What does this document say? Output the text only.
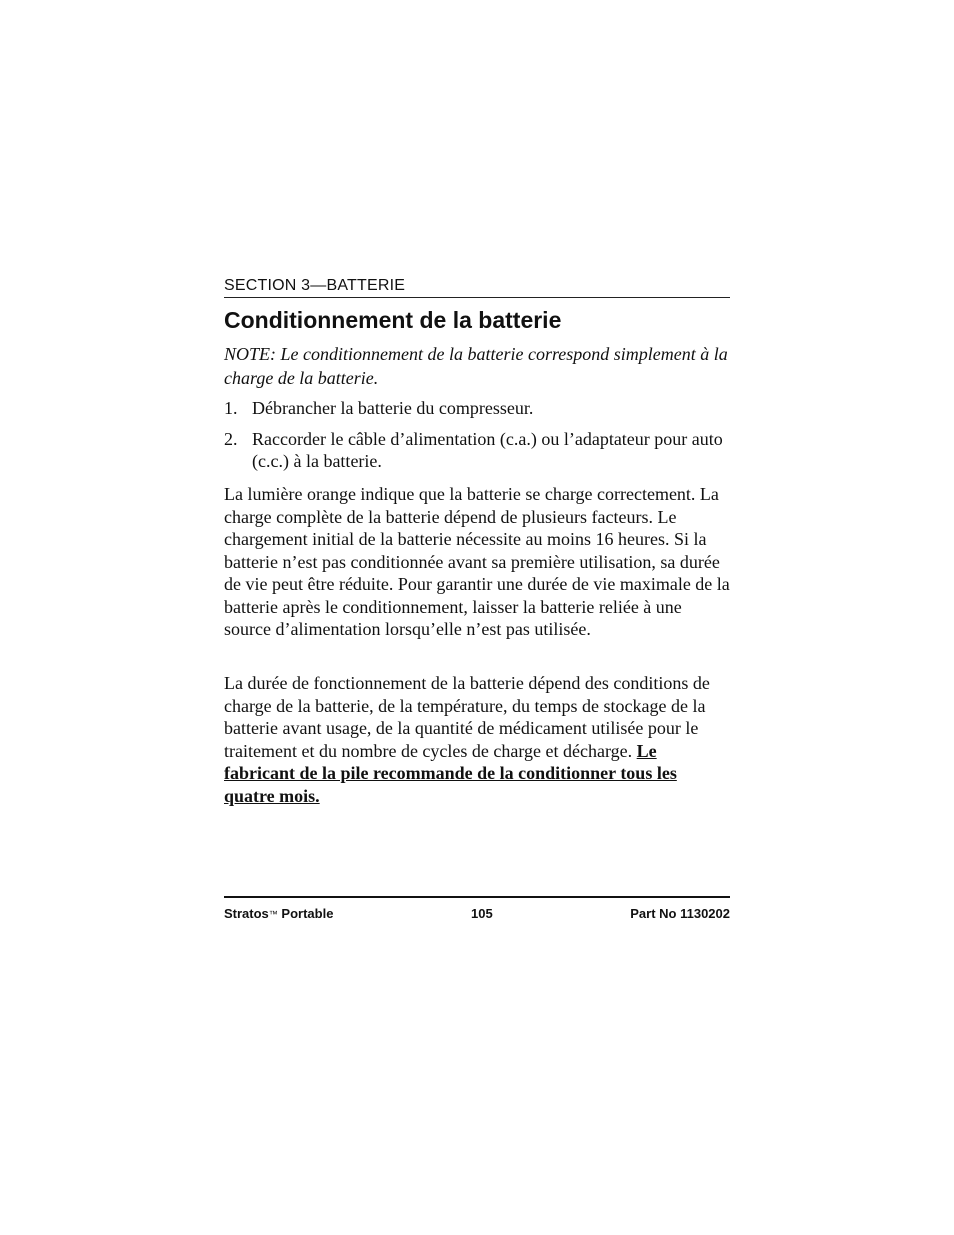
SECTION 3—BATTERIE
Conditionnement de la batterie

NOTE: Le conditionnement de la batterie correspond simplement à la charge de la batterie.

1. Débrancher la batterie du compresseur.
2. Raccorder le câble d’alimentation (c.a.) ou l’adaptateur pour auto (c.c.) à la batterie.

La lumière orange indique que la batterie se charge correctement. La charge complète de la batterie dépend de plusieurs facteurs. Le chargement initial de la batterie nécessite au moins 16 heures. Si la batterie n’est pas conditionnée avant sa première utilisation, sa durée de vie peut être réduite. Pour garantir une durée de vie maximale de la batterie après le conditionnement, laisser la batterie reliée à une source d’alimentation lorsqu’elle n’est pas utilisée.

La durée de fonctionnement de la batterie dépend des conditions de charge de la batterie, de la température, du temps de stockage de la batterie avant usage, de la quantité de médicament utilisée pour le traitement et du nombre de cycles de charge et décharge. Le fabricant de la pile recommande de la conditionner tous les quatre mois.

Stratos™ Portable	105	Part No 1130202
